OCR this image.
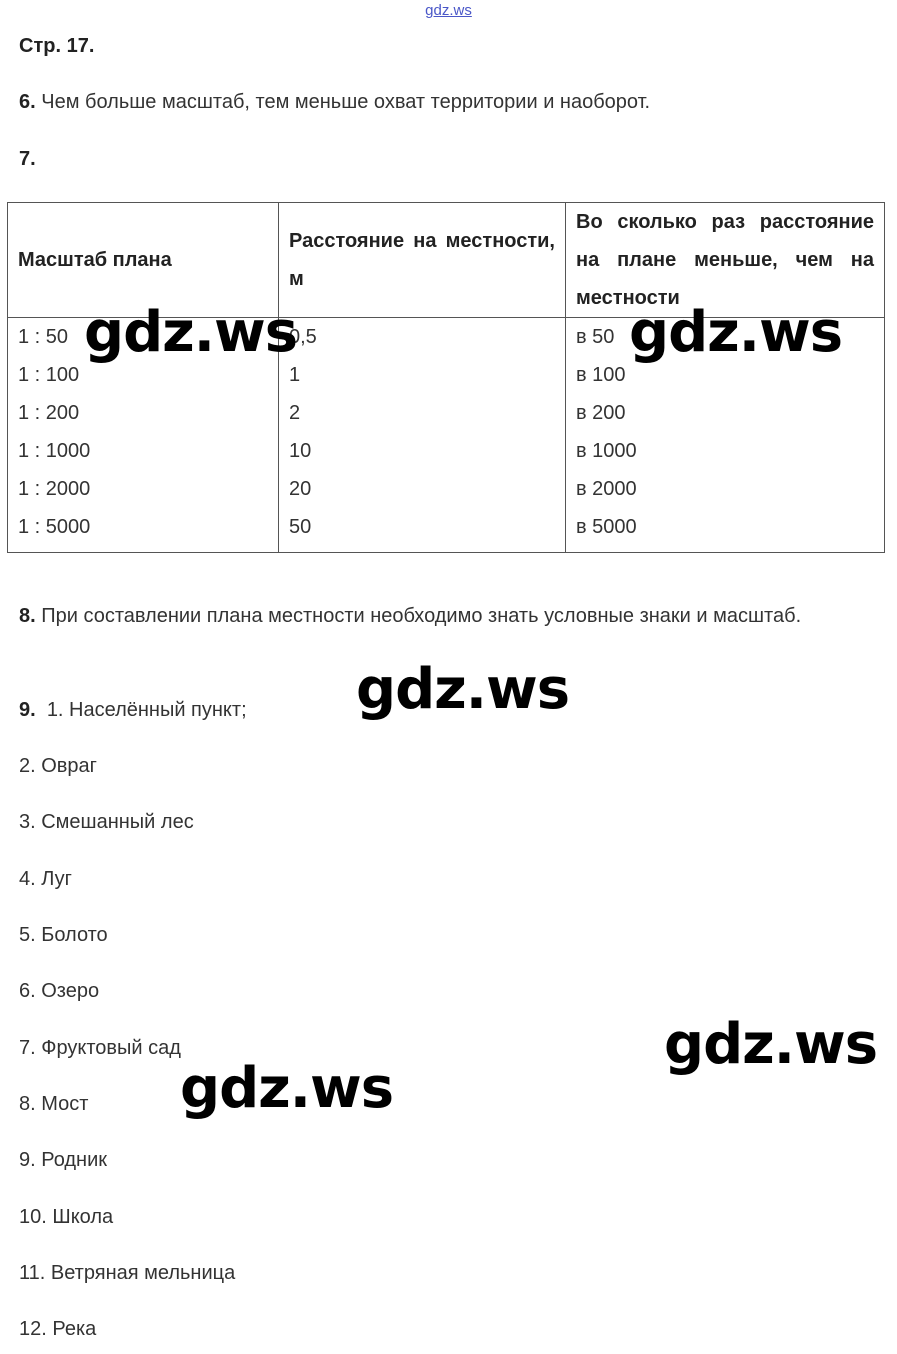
gdz.ws
Стр. 17.
6. Чем больше масштаб, тем меньше охват территории и наоборот.
7.
Масштаб плана	Расстояние на местности, м	Во сколько раз расстояние на плане меньше, чем на местности
1 : 50	0,5	в 50
1 : 100	1	в 100
1 : 200	2	в 200
1 : 1000	10	в 1000
1 : 2000	20	в 2000
1 : 5000	50	в 5000
8. При составлении плана местности необходимо знать условные знаки и масштаб.
9. 1. Населённый пункт;
2. Овраг
3. Смешанный лес
4. Луг
5. Болото
6. Озеро
7. Фруктовый сад
8. Мост
9. Родник
10. Школа
11. Ветряная мельница
12. Река
gdz.ws	gdz.ws
gdz.ws
gdz.ws
gdz.ws
